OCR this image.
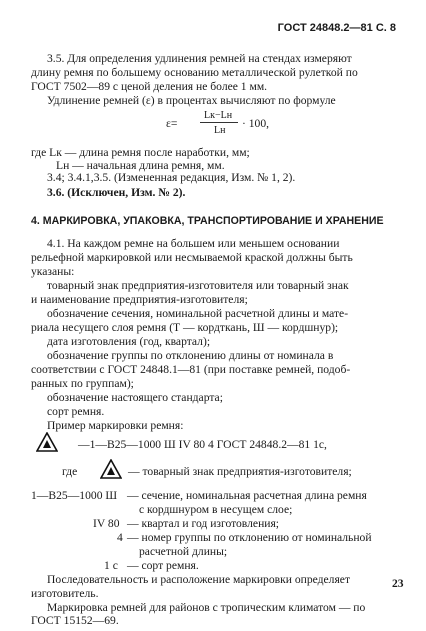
ГОСТ 24848.2—81 С. 8
3.5. Для определения удлинения ремней на стендах измеряют
длину ремня по большему основанию металлической рулеткой по
ГОСТ 7502—89 с ценой деления не более 1 мм.
Удлинение ремней (ε) в процентах вычисляют по формуле
ε=
Lк−Lн
Lн
· 100,
где Lк — длина ремня после наработки, мм;
Lн — начальная длина ремня, мм.
3.4; 3.4.1,3.5. (Измененная редакция, Изм. № 1, 2).
3.6. (Исключен, Изм. № 2).
4. МАРКИРОВКА, УПАКОВКА, ТРАНСПОРТИРОВАНИЕ И ХРАНЕНИЕ
4.1. На каждом ремне на большем или меньшем основании
рельефной маркировкой или несмываемой краской должны быть
указаны:
товарный знак предприятия-изготовителя или товарный знак
и наименование предприятия-изготовителя;
обозначение сечения, номинальной расчетной длины и мате-
риала несущего слоя ремня (Т — кордткань, Ш — кордшнур);
дата изготовления (год, квартал);
обозначение группы по отклонению длины от номинала в
соответствии с ГОСТ 24848.1—81 (при поставке ремней, подоб-
ранных по группам);
обозначение настоящего стандарта;
сорт ремня.
Пример маркировки ремня:
—1—В25—1000 Ш IV 80 4 ГОСТ 24848.2—81 1с,
где	— товарный знак предприятия-изготовителя;
1—В25—1000 Ш — сечение, номинальная расчетная длина ремня
с кордшнуром в несущем слое;
IV 80 — квартал и год изготовления;
4 — номер группы по отклонению от номинальной
расчетной длины;
1 с — сорт ремня.
Последовательность и расположение маркировки определяет
изготовитель.
Маркировка ремней для районов с тропическим климатом — по
ГОСТ 15152—69.
23
